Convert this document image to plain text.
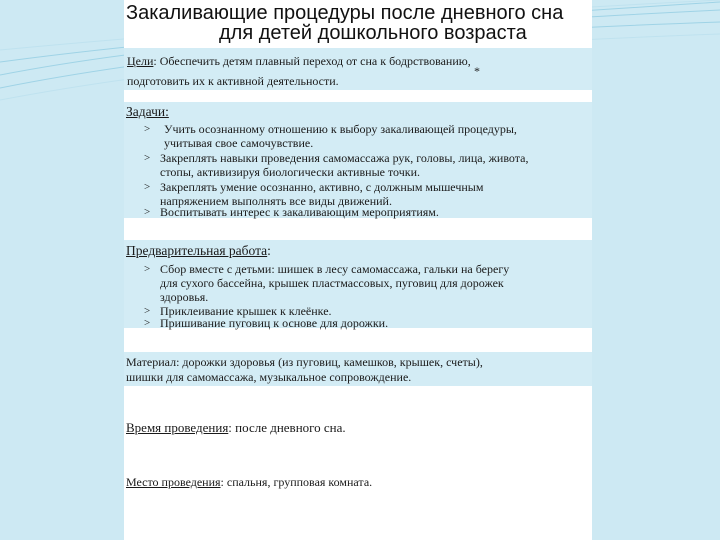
Закаливающие процедуры после дневного сна
для детей дошкольного возраста
Цели: Обеспечить детям плавный переход от сна к бодрствованию,
подготовить их к активной деятельности.
*
Задачи:
> Учить осознанному отношению к выбору закаливающей процедуры,
учитывая свое самочувствие.
> Закреплять навыки проведения самомассажа рук, головы, лица, живота,
стопы, активизируя биологически активные точки.
> Закреплять умение осознанно, активно, с должным мышечным
напряжением выполнять все виды движений.
> Воспитывать интерес к закаливающим мероприятиям.
Предварительная работа:
> Сбор вместе с детьми: шишек в лесу самомассажа, гальки на берегу
для сухого бассейна, крышек пластмассовых, пуговиц для дорожек
здоровья.
> Приклеивание крышек к клеёнке.
> Пришивание пуговиц к основе для дорожки.
Материал: дорожки здоровья (из пуговиц, камешков, крышек, счеты),
шишки для самомассажа, музыкальное сопровождение.
Время проведения: после дневного сна.
Место проведения: спальня, групповая комната.
